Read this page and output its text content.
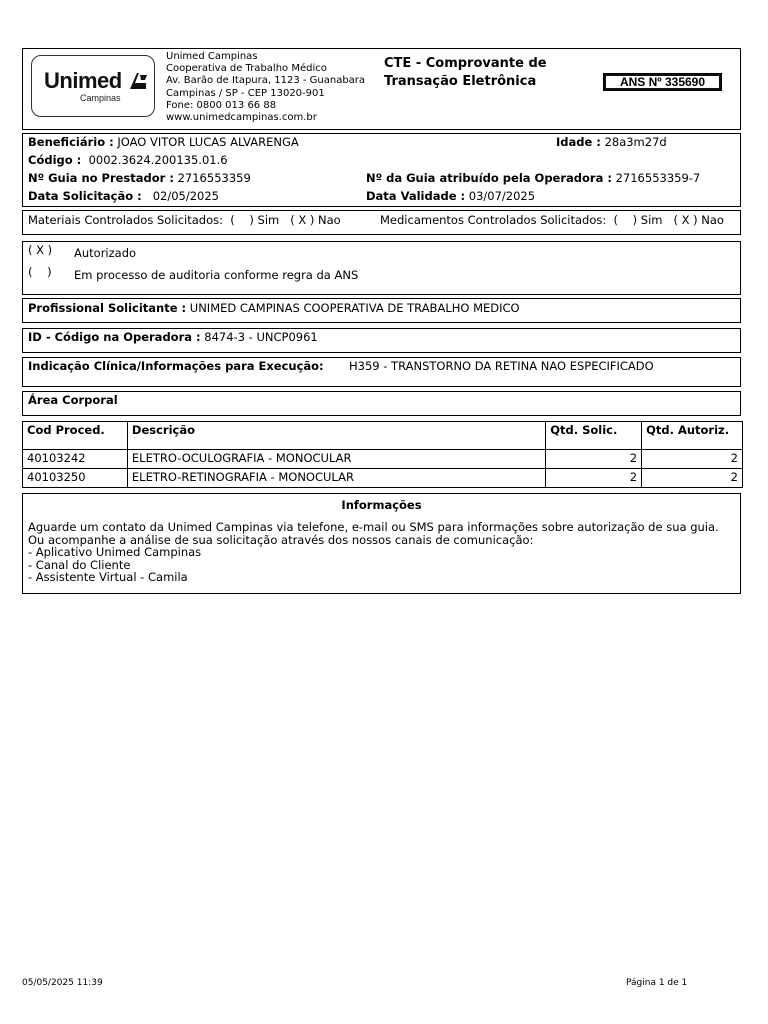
Unimed
Campinas
Unimed Campinas
Cooperativa de Trabalho Médico
Av. Barão de Itapura, 1123 - Guanabara
Campinas / SP - CEP 13020-901
Fone: 0800 013 66 88
www.unimedcampinas.com.br
CTE - Comprovante de
Transação Eletrônica	ANS Nº 335690
Beneficiário : JOAO VITOR LUCAS ALVARENGA	Idade : 28a3m27d
Código : 0002.3624.200135.01.6
Nº Guia no Prestador : 2716553359	Nº da Guia atribuído pela Operadora : 2716553359-7
Data Solicitação : 02/05/2025	Data Validade : 03/07/2025
Materiais Controlados Solicitados:  (    ) Sim   ( X ) Nao	Medicamentos Controlados Solicitados:  (    ) Sim   ( X ) Nao
( X ) Autorizado
(    ) Em processo de auditoria conforme regra da ANS
Profissional Solicitante : UNIMED CAMPINAS COOPERATIVA DE TRABALHO MEDICO
ID - Código na Operadora : 8474-3 - UNCP0961
Indicação Clínica/Informações para Execução: H359 - TRANSTORNO DA RETINA NAO ESPECIFICADO
Área Corporal
Cod Proced.	Descrição	Qtd. Solic.	Qtd. Autoriz.
40103242	ELETRO-OCULOGRAFIA - MONOCULAR	2	2
40103250	ELETRO-RETINOGRAFIA - MONOCULAR	2	2
Informações
Aguarde um contato da Unimed Campinas via telefone, e-mail ou SMS para informações sobre autorização de sua guia.
Ou acompanhe a análise de sua solicitação através dos nossos canais de comunicação:
- Aplicativo Unimed Campinas
- Canal do Cliente
- Assistente Virtual - Camila
05/05/2025 11:39	Página 1 de 1
